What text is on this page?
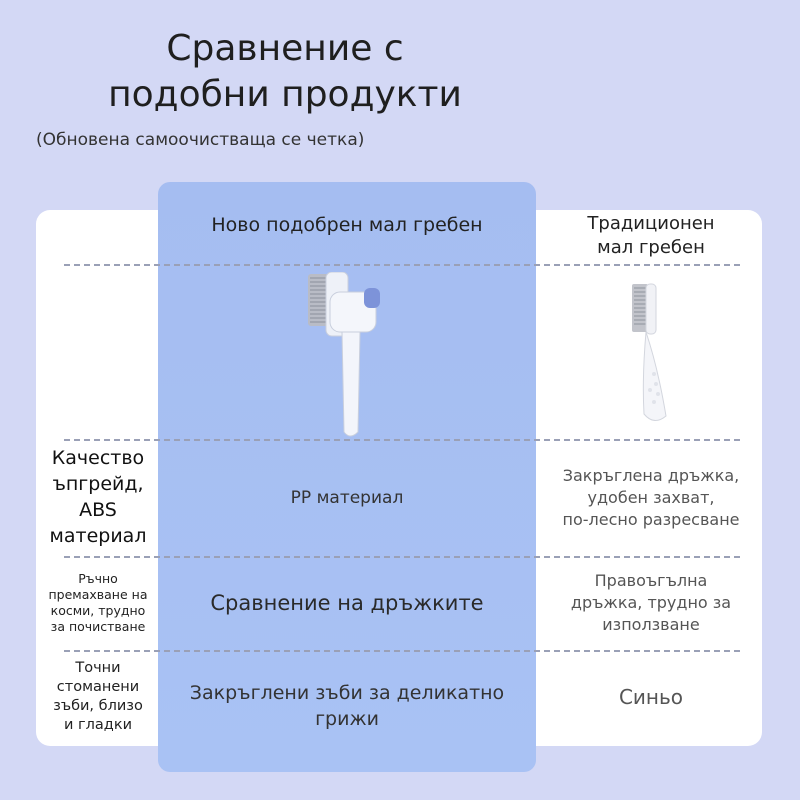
Сравнение с
подобни продукти
(Обновена самоочистваща се четка)
Ново подобрен мал гребен	Традиционен
мал гребен
Качество
ъпгрейд,
ABS
материал
PP материал
Закръглена дръжка,
удобен захват,
по-лесно разресване
Ръчно
премахване на
косми, трудно
за почистване
Сравнение на дръжките
Правоъгълна
дръжка, трудно за
използване
Точни
стоманени
зъби, близо
и гладки
Закръглени зъби за деликатно
грижи
Синьо
